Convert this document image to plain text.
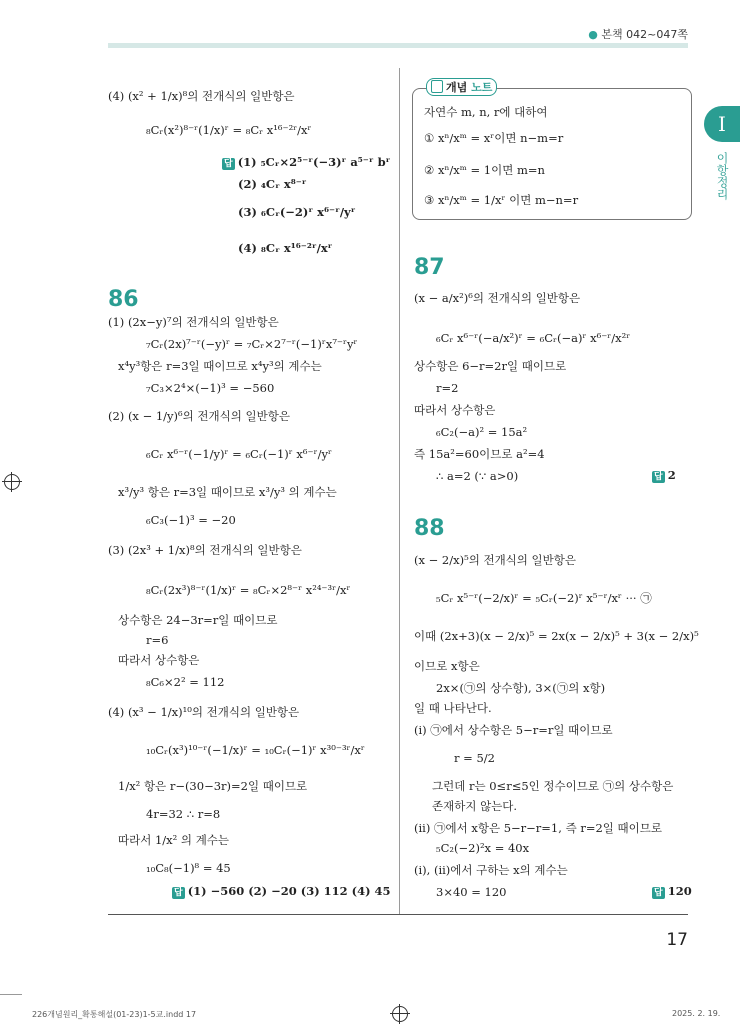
● 본책 042~047쪽
I
이항정리
(4) (x² + 1/x)⁸의 전개식의 일반항은
₈Cᵣ(x²)⁸⁻ʳ(1/x)ʳ = ₈Cᵣ x¹⁶⁻²ʳ/xʳ
답 (1) ₅Cᵣ×2⁵⁻ʳ(−3)ʳ a⁵⁻ʳ bʳ
(2) ₄Cᵣ x⁸⁻ʳ
(3) ₆Cᵣ(−2)ʳ x⁶⁻ʳ/yʳ
(4) ₈Cᵣ x¹⁶⁻²ʳ/xʳ
86
(1) (2x−y)⁷의 전개식의 일반항은
₇Cᵣ(2x)⁷⁻ʳ(−y)ʳ = ₇Cᵣ×2⁷⁻ʳ(−1)ʳx⁷⁻ʳyʳ
x⁴y³항은 r=3일 때이므로 x⁴y³의 계수는
₇C₃×2⁴×(−1)³ = −560
(2) (x − 1/y)⁶의 전개식의 일반항은
₆Cᵣ x⁶⁻ʳ(−1/y)ʳ = ₆Cᵣ(−1)ʳ x⁶⁻ʳ/yʳ
x³/y³ 항은 r=3일 때이므로 x³/y³ 의 계수는
₆C₃(−1)³ = −20
(3) (2x³ + 1/x)⁸의 전개식의 일반항은
₈Cᵣ(2x³)⁸⁻ʳ(1/x)ʳ = ₈Cᵣ×2⁸⁻ʳ x²⁴⁻³ʳ/xʳ
상수항은 24−3r=r일 때이므로
r=6
따라서 상수항은
₈C₆×2² = 112
(4) (x³ − 1/x)¹⁰의 전개식의 일반항은
₁₀Cᵣ(x³)¹⁰⁻ʳ(−1/x)ʳ = ₁₀Cᵣ(−1)ʳ x³⁰⁻³ʳ/xʳ
1/x² 항은 r−(30−3r)=2일 때이므로
4r=32 ∴ r=8
따라서 1/x² 의 계수는
₁₀C₈(−1)⁸ = 45
답 (1) −560 (2) −20 (3) 112 (4) 45
개념 노트
자연수 m, n, r에 대하여
① xⁿ/xᵐ = xʳ이면 n−m=r
② xⁿ/xᵐ = 1이면 m=n
③ xⁿ/xᵐ = 1/xʳ 이면 m−n=r
87
(x − a/x²)⁶의 전개식의 일반항은
₆Cᵣ x⁶⁻ʳ(−a/x²)ʳ = ₆Cᵣ(−a)ʳ x⁶⁻ʳ/x²ʳ
상수항은 6−r=2r일 때이므로
r=2
따라서 상수항은
₆C₂(−a)² = 15a²
즉 15a²=60이므로 a²=4
∴ a=2 (∵ a>0)	답 2
88
(x − 2/x)⁵의 전개식의 일반항은
₅Cᵣ x⁵⁻ʳ(−2/x)ʳ = ₅Cᵣ(−2)ʳ x⁵⁻ʳ/xʳ ··· ㉠
이때 (2x+3)(x − 2/x)⁵ = 2x(x − 2/x)⁵ + 3(x − 2/x)⁵
이므로 x항은
2x×(㉠의 상수항), 3×(㉠의 x항)
일 때 나타난다.
(i) ㉠에서 상수항은 5−r=r일 때이므로
r = 5/2
그런데 r는 0≤r≤5인 정수이므로 ㉠의 상수항은
존재하지 않는다.
(ii) ㉠에서 x항은 5−r−r=1, 즉 r=2일 때이므로
₅C₂(−2)²x = 40x
(i), (ii)에서 구하는 x의 계수는
3×40 = 120	답 120
17
226개념원리_확통해설(01-23)1-5교.indd 17	2025. 2. 19.
